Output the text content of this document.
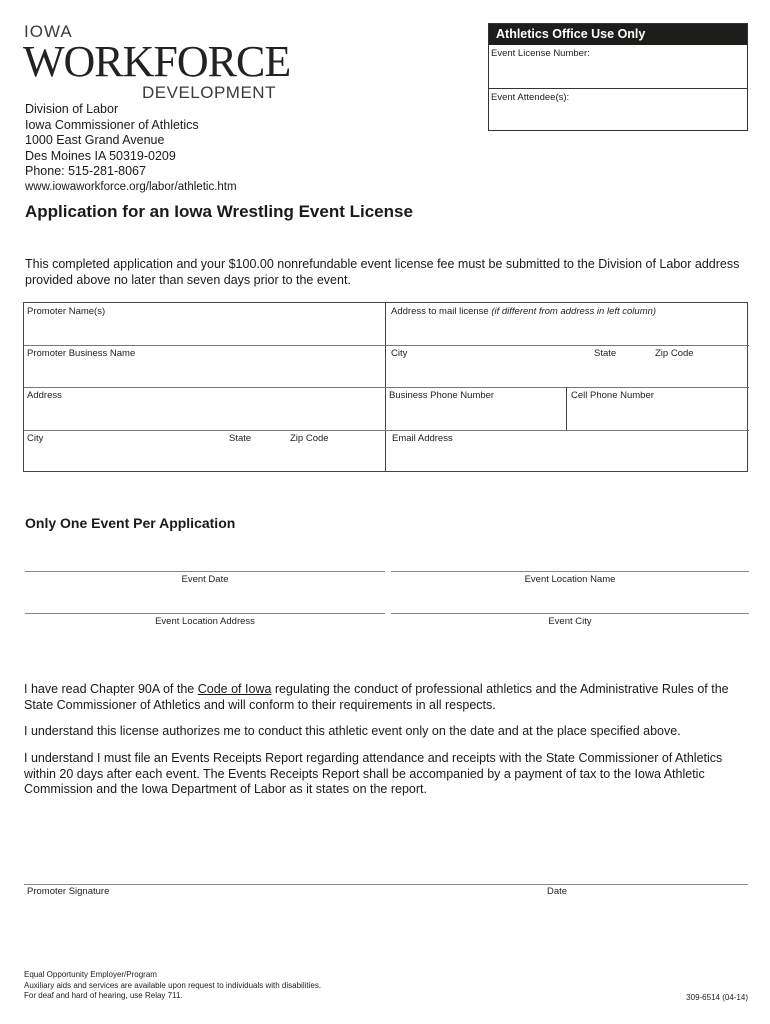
IOWA
WORKFORCE
DEVELOPMENT
Athletics Office Use Only
Event License Number:
Event Attendee(s):
Division of Labor
Iowa Commissioner of Athletics
1000 East Grand Avenue
Des Moines IA 50319-0209
Phone: 515-281-8067
www.iowaworkforce.org/labor/athletic.htm
Application for an Iowa Wrestling Event License
This completed application and your $100.00 nonrefundable event license fee must be submitted to the Division of Labor address provided above no later than seven days prior to the event.
Promoter Name(s)	Address to mail license (if different from address in left column)
Promoter Business Name	City	State	Zip Code
Address	Business Phone Number	Cell Phone Number
City	State	Zip Code	Email Address
Only One Event Per Application
Event Date	Event Location Name
Event Location Address	Event City
I have read Chapter 90A of the Code of Iowa regulating the conduct of professional athletics and the Administrative Rules of the State Commissioner of Athletics and will conform to their requirements in all respects.
I understand this license authorizes me to conduct this athletic event only on the date and at the place specified above.
I understand I must file an Events Receipts Report regarding attendance and receipts with the State Commissioner of Athletics within 20 days after each event. The Events Receipts Report shall be accompanied by a payment of tax to the Iowa Athletic Commission and the Iowa Department of Labor as it states on the report.
Promoter Signature	Date
Equal Opportunity Employer/Program
Auxiliary aids and services are available upon request to individuals with disabilities.
For deaf and hard of hearing, use Relay 711.	309-6514 (04-14)
